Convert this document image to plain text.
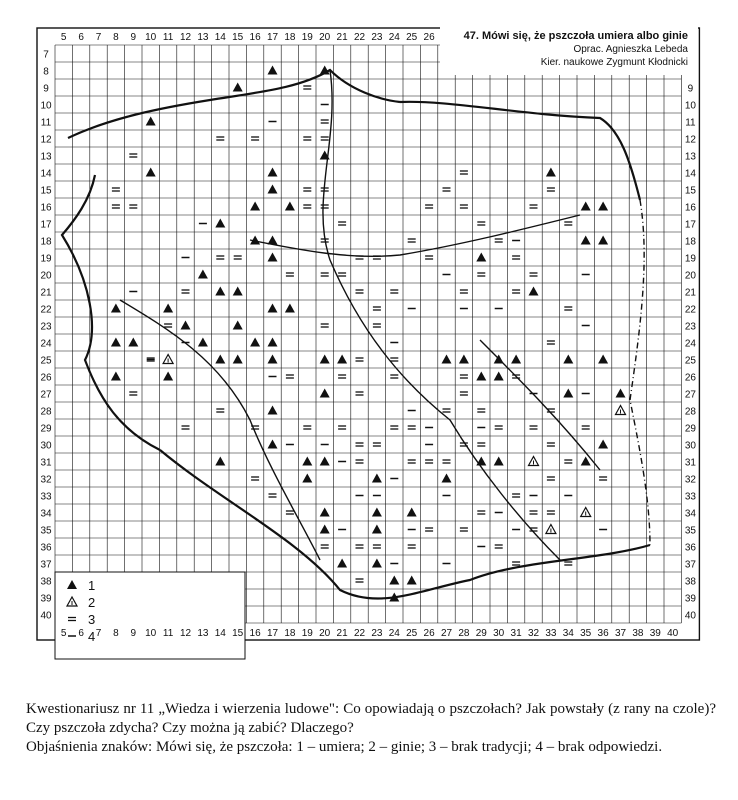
5 6 7 8 9 10 11 12 13 14 15 16 17 18 19 20 21 22 23 24 25 26
5 6 7 8 9 10 11 12 13 14 15 16 17 18 19 20 21 22 23 24 25 26 27 28 29 30 31 32 33 34 35 36 37 38 39 40
7
8
9
10
11
12
13
14
15
16
17
18
19
20
21
22
23
24
25
26
27
28
29
30
31
32
33
34
35
36
37
38
39
40
9
10
11
12
13
14
15
16
17
18
19
20
21
22
23
24
25
26
27
28
29
30
31
32
33
34
35
36
37
38
39
40
1
2
3
4
47. Mówi się, że pszczoła umiera albo ginie
Oprac. Agnieszka Lebeda
Kier. naukowe Zygmunt Kłodnicki

Kwestionariusz nr 11 „Wiedza i wierzenia ludowe": Co opowiadają o pszczołach? Jak powstały (z rany na czole)? Czy pszczoła zdycha? Czy można ją zabić? Dlaczego?

Objaśnienia znaków: Mówi się, że pszczoła: 1 – umiera; 2 – ginie; 3 – brak tradycji; 4 – brak odpowiedzi.
